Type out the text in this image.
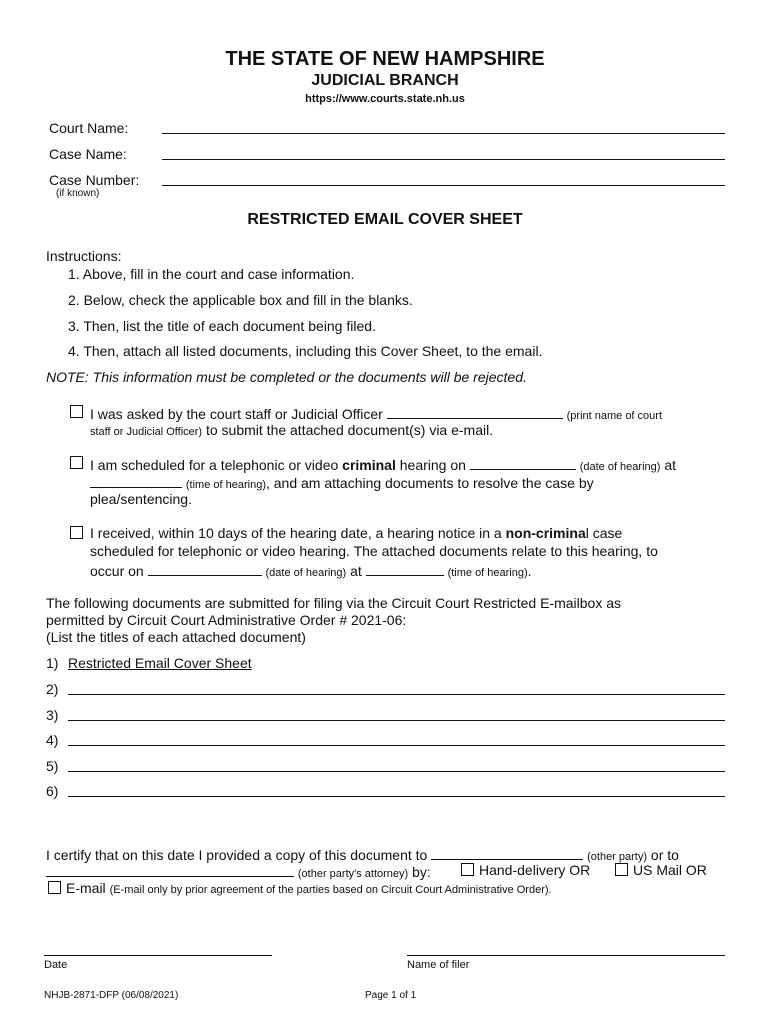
THE STATE OF NEW HAMPSHIRE
JUDICIAL BRANCH
https://www.courts.state.nh.us
Court Name:
Case Name:
Case Number:
(if known)
RESTRICTED EMAIL COVER SHEET
Instructions:
1. Above, fill in the court and case information.
2. Below, check the applicable box and fill in the blanks.
3. Then, list the title of each document being filed.
4. Then, attach all listed documents, including this Cover Sheet, to the email.
NOTE: This information must be completed or the documents will be rejected.
I was asked by the court staff or Judicial Officer	(print name of court
staff or Judicial Officer) to submit the attached document(s) via e-mail.
I am scheduled for a telephonic or video criminal hearing on	(date of hearing) at
(time of hearing), and am attaching documents to resolve the case by
plea/sentencing.
I received, within 10 days of the hearing date, a hearing notice in a non-criminal case
scheduled for telephonic or video hearing. The attached documents relate to this hearing, to
occur on	(date of hearing) at	(time of hearing).
The following documents are submitted for filing via the Circuit Court Restricted E-mailbox as
permitted by Circuit Court Administrative Order # 2021-06:
(List the titles of each attached document)
1) Restricted Email Cover Sheet
2)
3)
4)
5)
6)
I certify that on this date I provided a copy of this document to	(other party) or to
(other party's attorney) by:	Hand-delivery OR	US Mail OR
E-mail (E-mail only by prior agreement of the parties based on Circuit Court Administrative Order).
Date	Name of filer
NHJB-2871-DFP (06/08/2021)	Page 1 of 1
